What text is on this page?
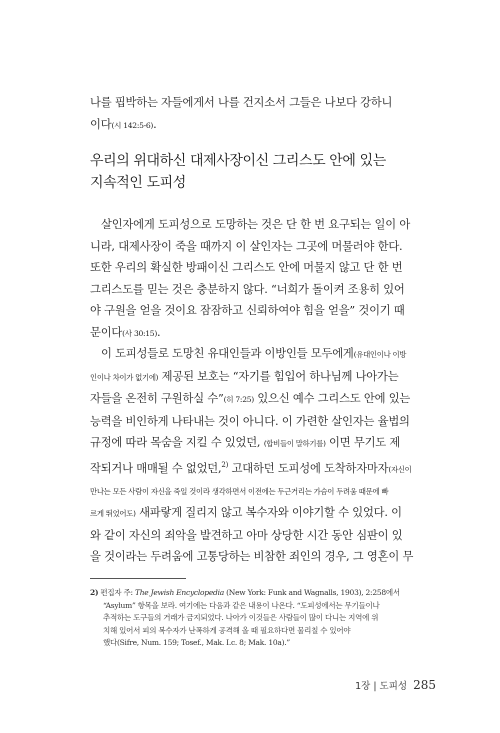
나를 핍박하는 자들에게서 나를 건지소서 그들은 나보다 강하니
이다(시 142:5-6).

우리의 위대하신 대제사장이신 그리스도 안에 있는
지속적인 도피성

살인자에게 도피성으로 도망하는 것은 단 한 번 요구되는 일이 아
니라, 대제사장이 죽을 때까지 이 살인자는 그곳에 머물러야 한다.
또한 우리의 확실한 방패이신 그리스도 안에 머물지 않고 단 한 번
그리스도를 믿는 것은 충분하지 않다. “너희가 돌이켜 조용히 있어
야 구원을 얻을 것이요 잠잠하고 신뢰하여야 힘을 얻을” 것이기 때
문이다(사 30:15).

이 도피성들로 도망친 유대인들과 이방인들 모두에게(유대인이나 이방
인이나 차이가 없기에) 제공된 보호는 “자기를 힘입어 하나님께 나아가는
자들을 온전히 구원하실 수”(히 7:25) 있으신 예수 그리스도 안에 있는
능력을 비인하게 나타내는 것이 아니다. 이 가련한 살인자는 율법의
규정에 따라 목숨을 지킬 수 있었던, (합비들이 말하기를) 이면 무기도 제
작되거나 매매될 수 없었던,$^{2)}$ 고대하던 도피성에 도착하자마자(자신이
만나는 모든 사람이 자신을 죽일 것이라 생각하면서 이전에는 두근거리는 가슴이 두려움 때문에 빠
르게 뛰었어도) 새파랗게 질리지 않고 복수자와 이야기할 수 있었다. 이
와 같이 자신의 죄악을 발견하고 아마 상당한 시간 동안 심판이 있
을 것이라는 두려움에 고통당하는 비참한 죄인의 경우, 그 영혼이 무

2) 편집자 주: The Jewish Encyclopedia (New York: Funk and Wagnalls, 1903), 2:258에서
“Asylum” 항목을 보라. 여기에는 다음과 같은 내용이 나온다. “도피성에서는 무기들이나
추적하는 도구들의 거래가 금지되었다. 나아가 이것들은 사람들이 많이 다니는 지역에 위
치해 있어서 피의 복수자가 난폭하게 공격해 올 때 필요하다면 물리칠 수 있어야
했다(Sifre, Num. 159; Tosef., Mak. I.c. 8; Mak. 10a).”

1장 | 도피성 285
